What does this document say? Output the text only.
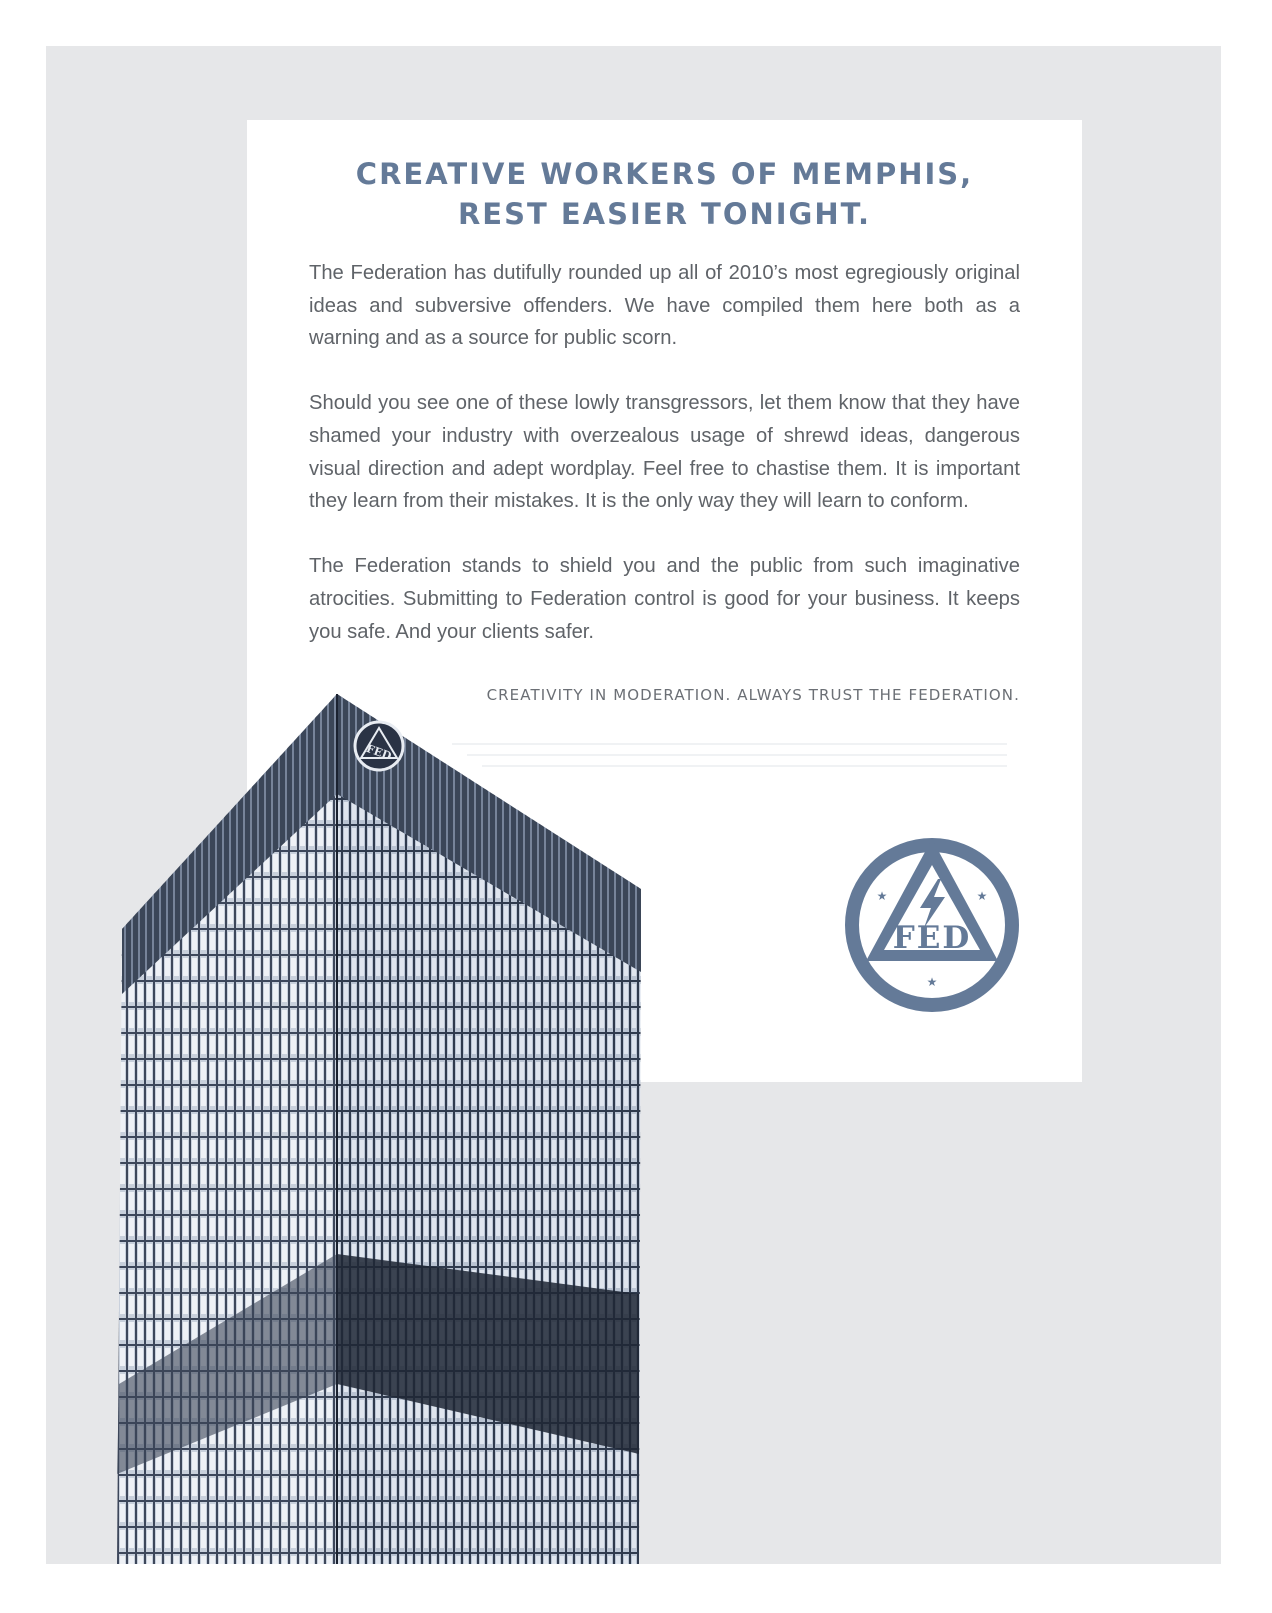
CREATIVE WORKERS OF MEMPHIS,
REST EASIER TONIGHT.

The Federation has dutifully rounded up all of 2010’s most egregiously original ideas and subversive offenders. We have compiled them here both as a warning and as a source for public scorn.

Should you see one of these lowly transgressors, let them know that they have shamed your industry with overzealous usage of shrewd ideas, dangerous visual direction and adept wordplay. Feel free to chastise them. It is important they learn from their mistakes. It is the only way they will learn to conform.

The Federation stands to shield you and the public from such imaginative atrocities. Submitting to Federation control is good for your business. It keeps you safe. And your clients safer.

CREATIVITY IN MODERATION. ALWAYS TRUST THE FEDERATION.
★	★
★
FED
FED
